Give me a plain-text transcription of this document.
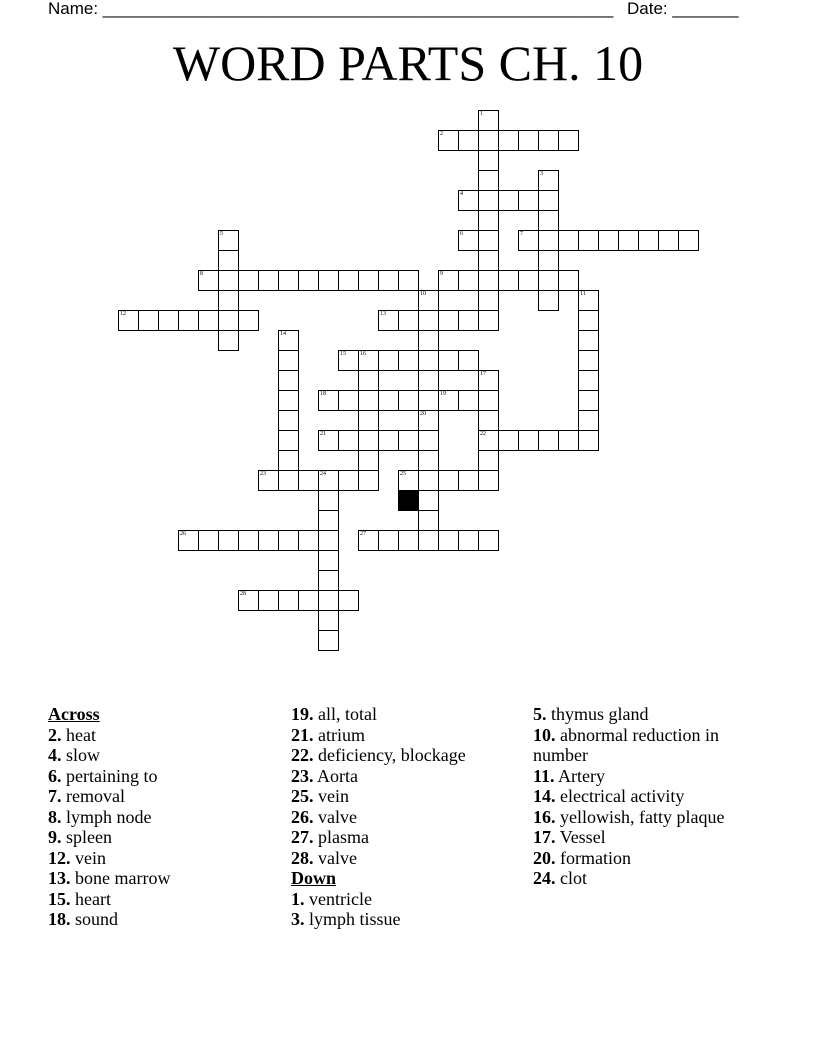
Name: ______________________________________________________ Date: _______
WORD PARTS CH. 10
1
2
3
4
5	6	7
8	9
10
20
11
12	13
14
15 16
17
22
18	19
21
23	24	25
26	27
28
Across
2. heat
4. slow
6. pertaining to
7. removal
8. lymph node
9. spleen
12. vein
13. bone marrow
15. heart
18. sound
19. all, total
21. atrium
22. deficiency, blockage
23. Aorta
25. vein
26. valve
27. plasma
28. valve
Down
1. ventricle
3. lymph tissue
5. thymus gland
10. abnormal reduction in number
11. Artery
14. electrical activity
16. yellowish, fatty plaque
17. Vessel
20. formation
24. clot
